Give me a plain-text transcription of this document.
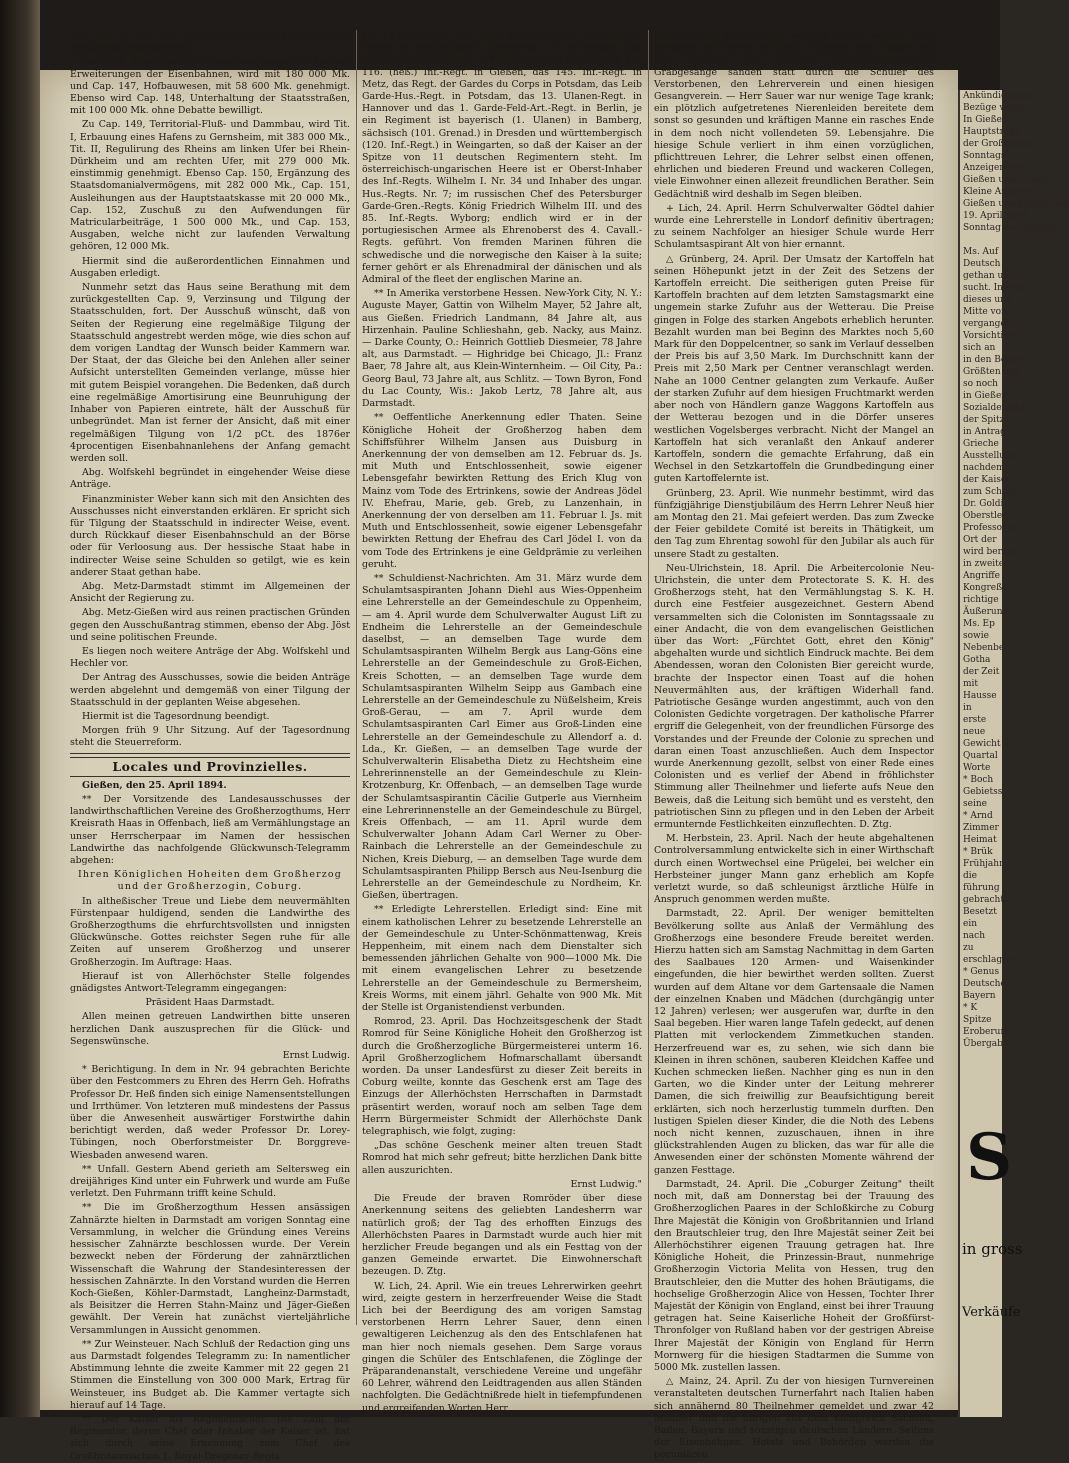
Erk, Tit. 4 des Cap. von der Berathung abzusetzen, einstimmig angenommen.

Cap. 146, Vorzügliche Geländeerwerbungen für spätere Erweiterungen der Eisenbahnen, wird mit 180 000 Mk. und Cap. 147, Hofbauwesen, mit 58 600 Mk. genehmigt. Ebenso wird Cap. 148, Unterhaltung der Staatsstraßen, mit 100 000 Mk. ohne Debatte bewilligt.

Zu Cap. 149, Territorial-Fluß- und Dammbau, wird Tit. I, Erbauung eines Hafens zu Gernsheim, mit 383 000 Mk., Tit. II, Regulirung des Rheins am linken Ufer bei Rhein-Dürkheim und am rechten Ufer, mit 279 000 Mk. einstimmig genehmigt. Ebenso Cap. 150, Ergänzung des Staatsdomanialvermögens, mit 282 000 Mk., Cap. 151, Ausleihungen aus der Hauptstaatskasse mit 20 000 Mk., Cap. 152, Zuschuß zu den Aufwendungen für Matricularbeiträge, 1 500 000 Mk., und Cap. 153, Ausgaben, welche nicht zur laufenden Verwaltung gehören, 12 000 Mk.

Hiermit sind die außerordentlichen Einnahmen und Ausgaben erledigt.

Nunmehr setzt das Haus seine Berathung mit dem zurückgestellten Cap. 9, Verzinsung und Tilgung der Staatsschulden, fort. Der Ausschuß wünscht, daß von Seiten der Regierung eine regelmäßige Tilgung der Staatsschuld angestrebt werden möge, wie dies schon auf dem vorigen Landtag der Wunsch beider Kammern war. Der Staat, der das Gleiche bei den Anlehen aller seiner Aufsicht unterstellten Gemeinden verlange, müsse hier mit gutem Beispiel vorangehen. Die Bedenken, daß durch eine regelmäßige Amortisirung eine Beunruhigung der Inhaber von Papieren eintrete, hält der Ausschuß für unbegründet. Man ist ferner der Ansicht, daß mit einer regelmäßigen Tilgung von 1/2 pCt. des 1876er 4procentigen Eisenbahnanlehens der Anfang gemacht werden soll.

Abg. Wolfskehl begründet in eingehender Weise diese Anträge.

Finanzminister Weber kann sich mit den Ansichten des Ausschusses nicht einverstanden erklären. Er spricht sich für Tilgung der Staatsschuld in indirecter Weise, event. durch Rückkauf dieser Eisenbahnschuld an der Börse oder für Verloosung aus. Der hessische Staat habe in indirecter Weise seine Schulden so getilgt, wie es kein anderer Staat gethan habe.

Abg. Metz-Darmstadt stimmt im Allgemeinen der Ansicht der Regierung zu.

Abg. Metz-Gießen wird aus reinen practischen Gründen gegen den Ausschußantrag stimmen, ebenso der Abg. Jöst und seine politischen Freunde.

Es liegen noch weitere Anträge der Abg. Wolfskehl und Hechler vor.

Der Antrag des Ausschusses, sowie die beiden Anträge werden abgelehnt und demgemäß von einer Tilgung der Staatsschuld in der geplanten Weise abgesehen.

Hiermit ist die Tagesordnung beendigt.

Morgen früh 9 Uhr Sitzung. Auf der Tagesordnung steht die Steuerreform.

Locales und Provinzielles.

Gießen, den 25. April 1894.

** Der Vorsitzende des Landesausschusses der landwirthschaftlichen Vereine des Großherzogthums, Herr Kreisrath Haas in Offenbach, ließ am Vermählungstage an unser Herrscherpaar im Namen der hessischen Landwirthe das nachfolgende Glückwunsch-Telegramm abgehen:

Ihren Königlichen Hoheiten dem Großherzog und der Großherzogin, Coburg.

In altheßischer Treue und Liebe dem neuvermählten Fürstenpaar huldigend, senden die Landwirthe des Großherzogthums die ehrfurchtsvollsten und innigsten Glückwünsche. Gottes reichster Segen ruhe für alle Zeiten auf unserem Großherzog und unserer Großherzogin. Im Auftrage: Haas.

Hierauf ist von Allerhöchster Stelle folgendes gnädigstes Antwort-Telegramm eingegangen:

Präsident Haas Darmstadt.

Allen meinen getreuen Landwirthen bitte unseren herzlichen Dank auszusprechen für die Glück- und Segenswünsche.

Ernst Ludwig.

* Berichtigung. In dem in Nr. 94 gebrachten Berichte über den Festcommers zu Ehren des Herrn Geh. Hofraths Professor Dr. Heß finden sich einige Namensentstellungen und Irrthümer. Von letzteren muß mindestens der Passus über die Anwesenheit auswärtiger Forstwirthe dahin berichtigt werden, daß weder Professor Dr. Lorey-Tübingen, noch Oberforstmeister Dr. Borggreve-Wiesbaden anwesend waren.

** Unfall. Gestern Abend gerieth am Seltersweg ein dreijähriges Kind unter ein Fuhrwerk und wurde am Fuße verletzt. Den Fuhrmann trifft keine Schuld.

** Die im Großherzogthum Hessen ansässigen Zahnärzte hielten in Darmstadt am vorigen Sonntag eine Versammlung, in welcher die Gründung eines Vereins hessischer Zahnärzte beschlossen wurde. Der Verein bezweckt neben der Förderung der zahnärztlichen Wissenschaft die Wahrung der Standesinteressen der hessischen Zahnärzte. In den Vorstand wurden die Herren Koch-Gießen, Köhler-Darmstadt, Langheinz-Darmstadt, als Beisitzer die Herren Stahn-Mainz und Jäger-Gießen gewählt. Der Verein hat zunächst vierteljährliche Versammlungen in Aussicht genommen.

** Zur Weinsteuer. Nach Schluß der Redaction ging uns aus Darmstadt folgendes Telegramm zu: In namentlicher Abstimmung lehnte die zweite Kammer mit 22 gegen 21 Stimmen die Einstellung von 300 000 Mark, Ertrag für Weinsteuer, ins Budget ab. Die Kammer vertagte sich hierauf auf 14 Tage.

** Der Kaiser als Regimentschef. Die Zahl der Regimenter, deren Chef oder Inhaber der Kaiser ist, hat sich durch seine Ernennung zum Chef des Großbritannischen 1. Royal-Dragoner-Regts.

auf 17 gesteigert. Von ihnen gehören 8 der preußischen Armee an, nämlich das 1. Garderegt. z. F. in Potsdam, das 110. (bad.) Gren.-Regt. in Mannheim und Heidelberg, das 116. (heß.) Inf.-Regt. in Gießen, das 145. Inf.-Regt. in Metz, das Regt. der Gardes du Corps in Potsdam, das Leib Garde-Hus.-Regt. in Potsdam, das 13. Ulanen-Regt. in Hannover und das 1. Garde-Feld-Art.-Regt. in Berlin, je ein Regiment ist bayerisch (1. Ulanen) in Bamberg, sächsisch (101. Grenad.) in Dresden und württembergisch (120. Inf.-Regt.) in Weingarten, so daß der Kaiser an der Spitze von 11 deutschen Regimentern steht. Im österreichisch-ungarischen Heere ist er Oberst-Inhaber des Inf.-Regts. Wilhelm I. Nr. 34 und Inhaber des ungar. Hus.-Regts. Nr. 7; im russischen Chef des Petersburger Garde-Gren.-Regts. König Friedrich Wilhelm III. und des 85. Inf.-Regts. Wyborg; endlich wird er in der portugiesischen Armee als Ehrenoberst des 4. Cavall.-Regts. geführt. Von fremden Marinen führen die schwedische und die norwegische den Kaiser à la suite; ferner gehört er als Ehrenadmiral der dänischen und als Admiral of the fleet der englischen Marine an.

** In Amerika verstorbene Hessen. New-York City, N. Y.: Auguste Mayer, Gattin von Wilhelm Mayer, 52 Jahre alt, aus Gießen. Friedrich Landmann, 84 Jahre alt, aus Hirzenhain. Pauline Schlieshahn, geb. Nacky, aus Mainz. — Darke County, O.: Heinrich Gottlieb Diesmeier, 78 Jahre alt, aus Darmstadt. — Highridge bei Chicago, Jl.: Franz Baer, 78 Jahre alt, aus Klein-Winternheim. — Oil City, Pa.: Georg Baul, 73 Jahre alt, aus Schlitz. — Town Byron, Fond du Lac County, Wis.: Jakob Lertz, 78 Jahre alt, aus Darmstadt.

** Oeffentliche Anerkennung edler Thaten. Seine Königliche Hoheit der Großherzog haben dem Schiffsführer Wilhelm Jansen aus Duisburg in Anerkennung der von demselben am 12. Februar ds. Js. mit Muth und Entschlossenheit, sowie eigener Lebensgefahr bewirkten Rettung des Erich Klug von Mainz vom Tode des Ertrinkens, sowie der Andreas Jödel IV. Ehefrau, Marie, geb. Greb, zu Lanzenhain, in Anerkennung der von derselben am 11. Februar l. Js. mit Muth und Entschlossenheit, sowie eigener Lebensgefahr bewirkten Rettung der Ehefrau des Carl Jödel I. von da vom Tode des Ertrinkens je eine Geldprämie zu verleihen geruht.

** Schuldienst-Nachrichten. Am 31. März wurde dem Schulamtsaspiranten Johann Diehl aus Wies-Oppenheim eine Lehrerstelle an der Gemeindeschule zu Oppenheim, — am 4. April wurde dem Schulverwalter August Lift zu Endheim die Lehrerstelle an der Gemeindeschule daselbst, — an demselben Tage wurde dem Schulamtsaspiranten Wilhelm Bergk aus Lang-Göns eine Lehrerstelle an der Gemeindeschule zu Groß-Eichen, Kreis Schotten, — an demselben Tage wurde dem Schulamtsaspiranten Wilhelm Seipp aus Gambach eine Lehrerstelle an der Gemeindeschule zu Nüßelsheim, Kreis Groß-Gerau, — am 7. April wurde dem Schulamtsaspiranten Carl Eimer aus Groß-Linden eine Lehrerstelle an der Gemeindeschule zu Allendorf a. d. Lda., Kr. Gießen, — an demselben Tage wurde der Schulverwalterin Elisabetha Dietz zu Hechtsheim eine Lehrerinnenstelle an der Gemeindeschule zu Klein-Krotzenburg, Kr. Offenbach, — an demselben Tage wurde der Schulamtsaspirantin Cäcilie Gutperle aus Viernheim eine Lehrerinnenstelle an der Gemeindeschule zu Bürgel, Kreis Offenbach, — am 11. April wurde dem Schulverwalter Johann Adam Carl Werner zu Ober-Rainbach die Lehrerstelle an der Gemeindeschule zu Nichen, Kreis Dieburg, — an demselben Tage wurde dem Schulamtsaspiranten Philipp Bersch aus Neu-Isenburg die Lehrerstelle an der Gemeindeschule zu Nordheim, Kr. Gießen, übertragen.

** Erledigte Lehrerstellen. Erledigt sind: Eine mit einem katholischen Lehrer zu besetzende Lehrerstelle an der Gemeindeschule zu Unter-Schönmattenwag, Kreis Heppenheim, mit einem nach dem Dienstalter sich bemessenden jährlichen Gehalte von 900—1000 Mk. Die mit einem evangelischen Lehrer zu besetzende Lehrerstelle an der Gemeindeschule zu Bermersheim, Kreis Worms, mit einem jährl. Gehalte von 900 Mk. Mit der Stelle ist Organistendienst verbunden.

Romrod, 23. April. Das Hochzeitsgeschenk der Stadt Romrod für Seine Königliche Hoheit den Großherzog ist durch die Großherzogliche Bürgermeisterei unterm 16. April Großherzoglichem Hofmarschallamt übersandt worden. Da unser Landesfürst zu dieser Zeit bereits in Coburg weilte, konnte das Geschenk erst am Tage des Einzugs der Allerhöchsten Herrschaften in Darmstadt präsentirt werden, worauf noch am selben Tage dem Herrn Bürgermeister Schmidt der Allerhöchste Dank telegraphisch, wie folgt, zuging:

„Das schöne Geschenk meiner alten treuen Stadt Romrod hat mich sehr gefreut; bitte herzlichen Dank bitte allen auszurichten.

Ernst Ludwig."

Die Freude der braven Romröder über diese Anerkennung seitens des geliebten Landesherrn war natürlich groß; der Tag des erhofften Einzugs des Allerhöchsten Paares in Darmstadt wurde auch hier mit herzlicher Freude begangen und als ein Festtag von der ganzen Gemeinde erwartet. Die Einwohnerschaft bezeugen. D. Ztg.

W. Lich, 24. April. Wie ein treues Lehrerwirken geehrt wird, zeigte gestern in herzerfreuender Weise die Stadt Lich bei der Beerdigung des am vorigen Samstag verstorbenen Herrn Lehrer Sauer, denn einen gewaltigeren Leichenzug als den des Entschlafenen hat man hier noch niemals gesehen. Dem Sarge voraus gingen die Schüler des Entschlafenen, die Zöglinge der Präparandenanstalt, verschiedene Vereine und ungefähr 60 Lehrer, während den Leidtragenden aus allen Ständen nachfolgten. Die Gedächtnißrede hielt in tiefempfundenen und ergreifenden Worten Herr

Stiftsdechant Klingelhöffer, weitere Reden wurden noch gehalten von Herrn Schulrath Büchner aus Gießen und dem Obmann des hiesigen Bezirkslehrervereins; Grabgesänge sanden statt durch die Schüler des Verstorbenen, den Lehrerverein und einen hiesigen Gesangverein. — Herr Sauer war nur wenige Tage krank; ein plötzlich aufgetretenes Nierenleiden bereitete dem sonst so gesunden und kräftigen Manne ein rasches Ende in dem noch nicht vollendeten 59. Lebensjahre. Die hiesige Schule verliert in ihm einen vorzüglichen, pflichttreuen Lehrer, die Lehrer selbst einen offenen, ehrlichen und biederen Freund und wackeren Collegen, viele Einwohner einen allezeit freundlichen Berather. Sein Gedächtniß wird deshalb im Segen bleiben.

+ Lich, 24. April. Herrn Schulverwalter Gödtel dahier wurde eine Lehrerstelle in Londorf definitiv übertragen; zu seinem Nachfolger an hiesiger Schule wurde Herr Schulamtsaspirant Alt von hier ernannt.

△ Grünberg, 24. April. Der Umsatz der Kartoffeln hat seinen Höhepunkt jetzt in der Zeit des Setzens der Kartoffeln erreicht. Die seitherigen guten Preise für Kartoffeln brachten auf dem letzten Samstagsmarkt eine ungemein starke Zufuhr aus der Wetterau. Die Preise gingen in Folge des starken Angebots erheblich herunter. Bezahlt wurden man bei Beginn des Marktes noch 5,60 Mark für den Doppelcentner, so sank im Verlauf desselben der Preis bis auf 3,50 Mark. Im Durchschnitt kann der Preis mit 2,50 Mark per Centner veranschlagt werden. Nahe an 1000 Centner gelangten zum Verkaufe. Außer der starken Zufuhr auf dem hiesigen Fruchtmarkt werden aber noch von Händlern ganze Waggons Kartoffeln aus der Wetterau bezogen und in die Dörfer unseres westlichen Vogelsberges verbracht. Nicht der Mangel an Kartoffeln hat sich veranlaßt den Ankauf anderer Kartoffeln, sondern die gemachte Erfahrung, daß ein Wechsel in den Setzkartoffeln die Grundbedingung einer guten Kartoffelernte ist.

Grünberg, 23. April. Wie nunmehr bestimmt, wird das fünfzigjährige Dienstjubiläum des Herrn Lehrer Neuß hier am Montag den 21. Mai gefeiert werden. Das zum Zwecke der Feier gebildete Comité ist bereits in Thätigkeit, um den Tag zum Ehrentag sowohl für den Jubilar als auch für unsere Stadt zu gestalten.

Neu-Ulrichstein, 18. April. Die Arbeitercolonie Neu-Ulrichstein, die unter dem Protectorate S. K. H. des Großherzogs steht, hat den Vermählungstag S. K. H. durch eine Festfeier ausgezeichnet. Gestern Abend versammelten sich die Colonisten im Sonntagssaale zu einer Andacht, die von dem evangelischen Geistlichen über das Wort: „Fürchtet Gott, ehret den König" abgehalten wurde und sichtlich Eindruck machte. Bei dem Abendessen, woran den Colonisten Bier gereicht wurde, brachte der Inspector einen Toast auf die hohen Neuvermählten aus, der kräftigen Widerhall fand. Patriotische Gesänge wurden angestimmt, auch von den Colonisten Gedichte vorgetragen. Der katholische Pfarrer ergriff die Gelegenheit, von der freundlichen Fürsorge des Vorstandes und der Freunde der Colonie zu sprechen und daran einen Toast anzuschließen. Auch dem Inspector wurde Anerkennung gezollt, selbst von einer Rede eines Colonisten und es verlief der Abend in fröhlichster Stimmung aller Theilnehmer und lieferte aufs Neue den Beweis, daß die Leitung sich bemüht und es versteht, den patriotischen Sinn zu pflegen und in den Leben der Arbeit ermunternde Festlichkeiten einzuflechten. D. Ztg.

M. Herbstein, 23. April. Nach der heute abgehaltenen Controlversammlung entwickelte sich in einer Wirthschaft durch einen Wortwechsel eine Prügelei, bei welcher ein Herbsteiner junger Mann ganz erheblich am Kopfe verletzt wurde, so daß schleunigst ärztliche Hülfe in Anspruch genommen werden mußte.

Darmstadt, 22. April. Der weniger bemittelten Bevölkerung sollte aus Anlaß der Vermählung des Großherzogs eine besondere Freude bereitet werden. Hierzu hatten sich am Samstag Nachmittag in dem Garten des Saalbaues 120 Armen- und Waisenkinder eingefunden, die hier bewirthet werden sollten. Zuerst wurden auf dem Altane vor dem Gartensaale die Namen der einzelnen Knaben und Mädchen (durchgängig unter 12 Jahren) verlesen; wer ausgerufen war, durfte in den Saal begeben. Hier waren lange Tafeln gedeckt, auf denen Platten mit verlockendem Zimmetkuchen standen. Herzerfreuend war es, zu sehen, wie sich dann bie Kleinen in ihren schönen, sauberen Kleidchen Kaffee und Kuchen schmecken ließen. Nachher ging es nun in den Garten, wo die Kinder unter der Leitung mehrerer Damen, die sich freiwillig zur Beaufsichtigung bereit erklärten, sich noch herzerlustig tummeln durften. Den lustigen Spielen dieser Kinder, die die Noth des Lebens noch nicht kennen, zuzuschauen, ihnen in ihre glückstrahlenden Augen zu blicken, das war für alle die Anwesenden einer der schönsten Momente während der ganzen Festtage.

Darmstadt, 24. April. Die „Coburger Zeitung" theilt noch mit, daß am Donnerstag bei der Trauung des Großherzoglichen Paares in der Schloßkirche zu Coburg Ihre Majestät die Königin von Großbritannien und Irland den Brautschleier trug, den Ihre Majestät seiner Zeit bei Allerhöchstihrer eigenen Trauung getragen hat. Ihre Königliche Hoheit, die Prinzessin-Braut, nunmehrige Großherzogin Victoria Melita von Hessen, trug den Brautschleier, den die Mutter des hohen Bräutigams, die hochselige Großherzogin Alice von Hessen, Tochter Ihrer Majestät der Königin von England, einst bei ihrer Trauung getragen hat. Seine Kaiserliche Hoheit der Großfürst-Thronfolger von Rußland haben vor der gestrigen Abreise Ihrer Majestät der Königin von England für Herrn Mornwerg für die hiesigen Stadtarmen die Summe von 5000 Mk. zustellen lassen.

△ Mainz, 24. April. Zu der von hiesigen Turnvereinen veranstalteten deutschen Turnerfahrt nach Italien haben sich annähernd 80 Theilnehmer gemeldet und zwar 42 Mainzer und die übrigen aus dem Königreich Sachsen, Baden, Bayern und sonstigen deutschen Ländern. Seitens der Eisenbahnen, Hotels und Behörden werden die pecuniären

Ankündigungen
Bezüge werden
In Gießen
Hauptstraße
der Großherzog
Sonntags
Anzeigen von
Gießen und Frankfurt
Kleine Anzeigen
Gießen und Umgebung
19. April 1894
Sonntag nachmittag

Ms. Auf
Deutsch
gethan und
sucht. Infolge
dieses und
Mitte von
vergangenen
Vorsichtige
sich an
in den Bezirk
Größten des
so noch
in Gießen
Sozialdemokr.
der Spitze
in Antrag
Grieche
Ausstellung
nachdem
der Kaiser
zum Schutz
Dr. Goldi
Oberstleut.
Professor Dr
Ort der
wird bereits
in zweiter
Angriffe
Kongreß
richtige
Äußerung
Ms. Ep
sowie
Nebenbei
Gotha
der Zeit
mit
Hausse
in
erste
neue
Gewicht
Quartal
Worte
* Boch
Gebietss
seine
* Arnd
Zimmer
Heimat
* Brük
Frühjahr
die
führung
gebracht
Besetzt
ein
nach
zu
erschlagen
* Genus
Deutschen
Bayern
* K
Spitze
Eroberung
Übergabe
S
in gross
Verkäufe
